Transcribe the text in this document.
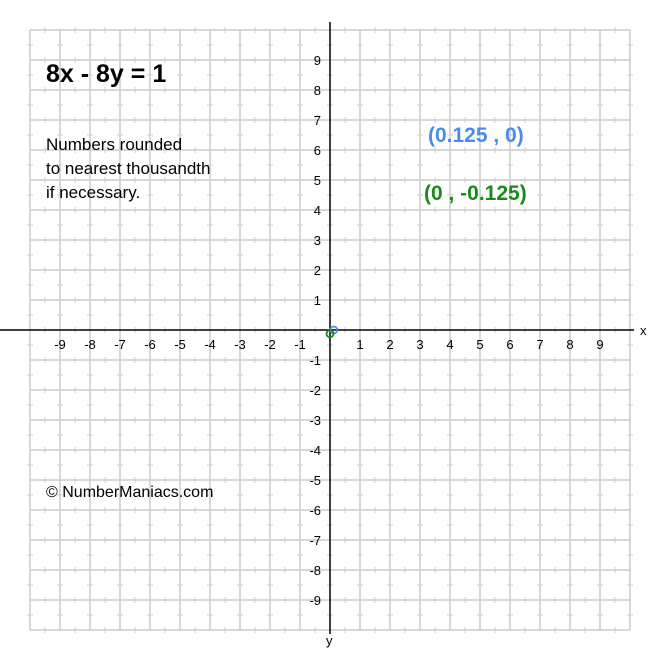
x
y
-9 -8 -7 -6 -5 -4 -3 -2 -1	1 2 3 4 5 6 7 8 9
9
8
7
6
5
4
3
2
1
-1
-2
-3
-4
-5
-6
-7
-8
-9
8x - 8y = 1
Numbers rounded
to nearest thousandth
if necessary.
© NumberManiacs.com
(0.125 , 0)
(0 , -0.125)
